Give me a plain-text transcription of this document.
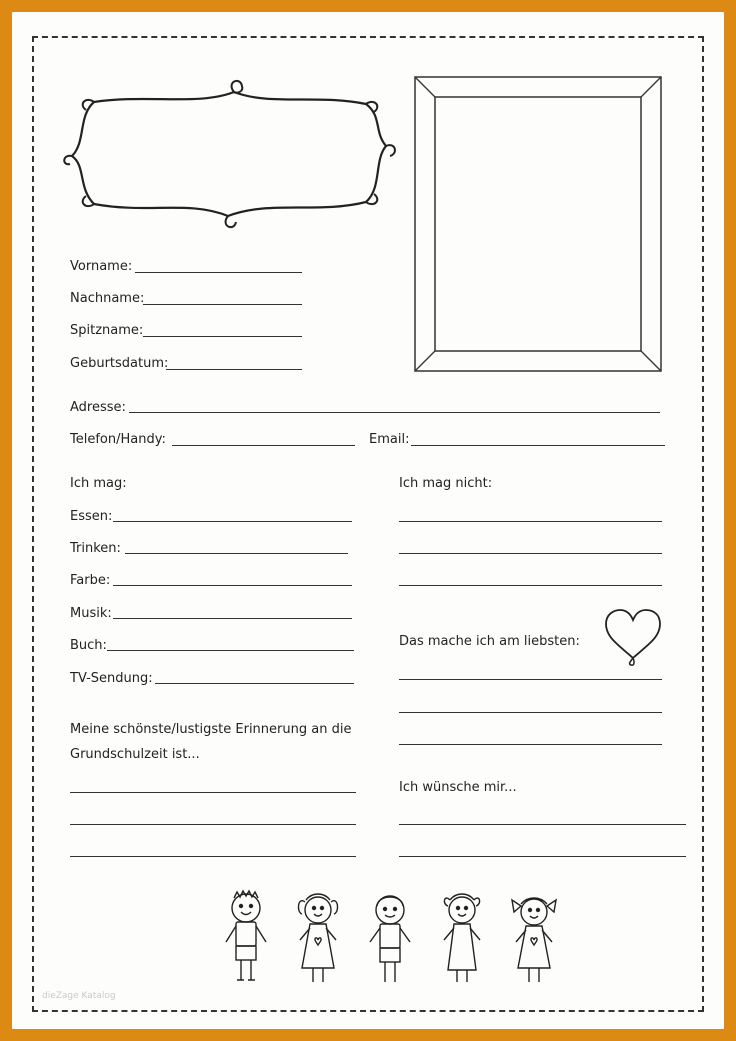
Vorname:
Nachname:
Spitzname:
Geburtsdatum:
Adresse:
Telefon/Handy:	Email:
Ich mag:
Essen:
Trinken:
Farbe:
Musik:
Buch:
TV-Sendung:
Ich mag nicht:
Das mache ich am liebsten:
Meine schönste/lustigste Erinnerung an die
Grundschulzeit ist...
Ich wünsche mir...
dieZage Katalog
